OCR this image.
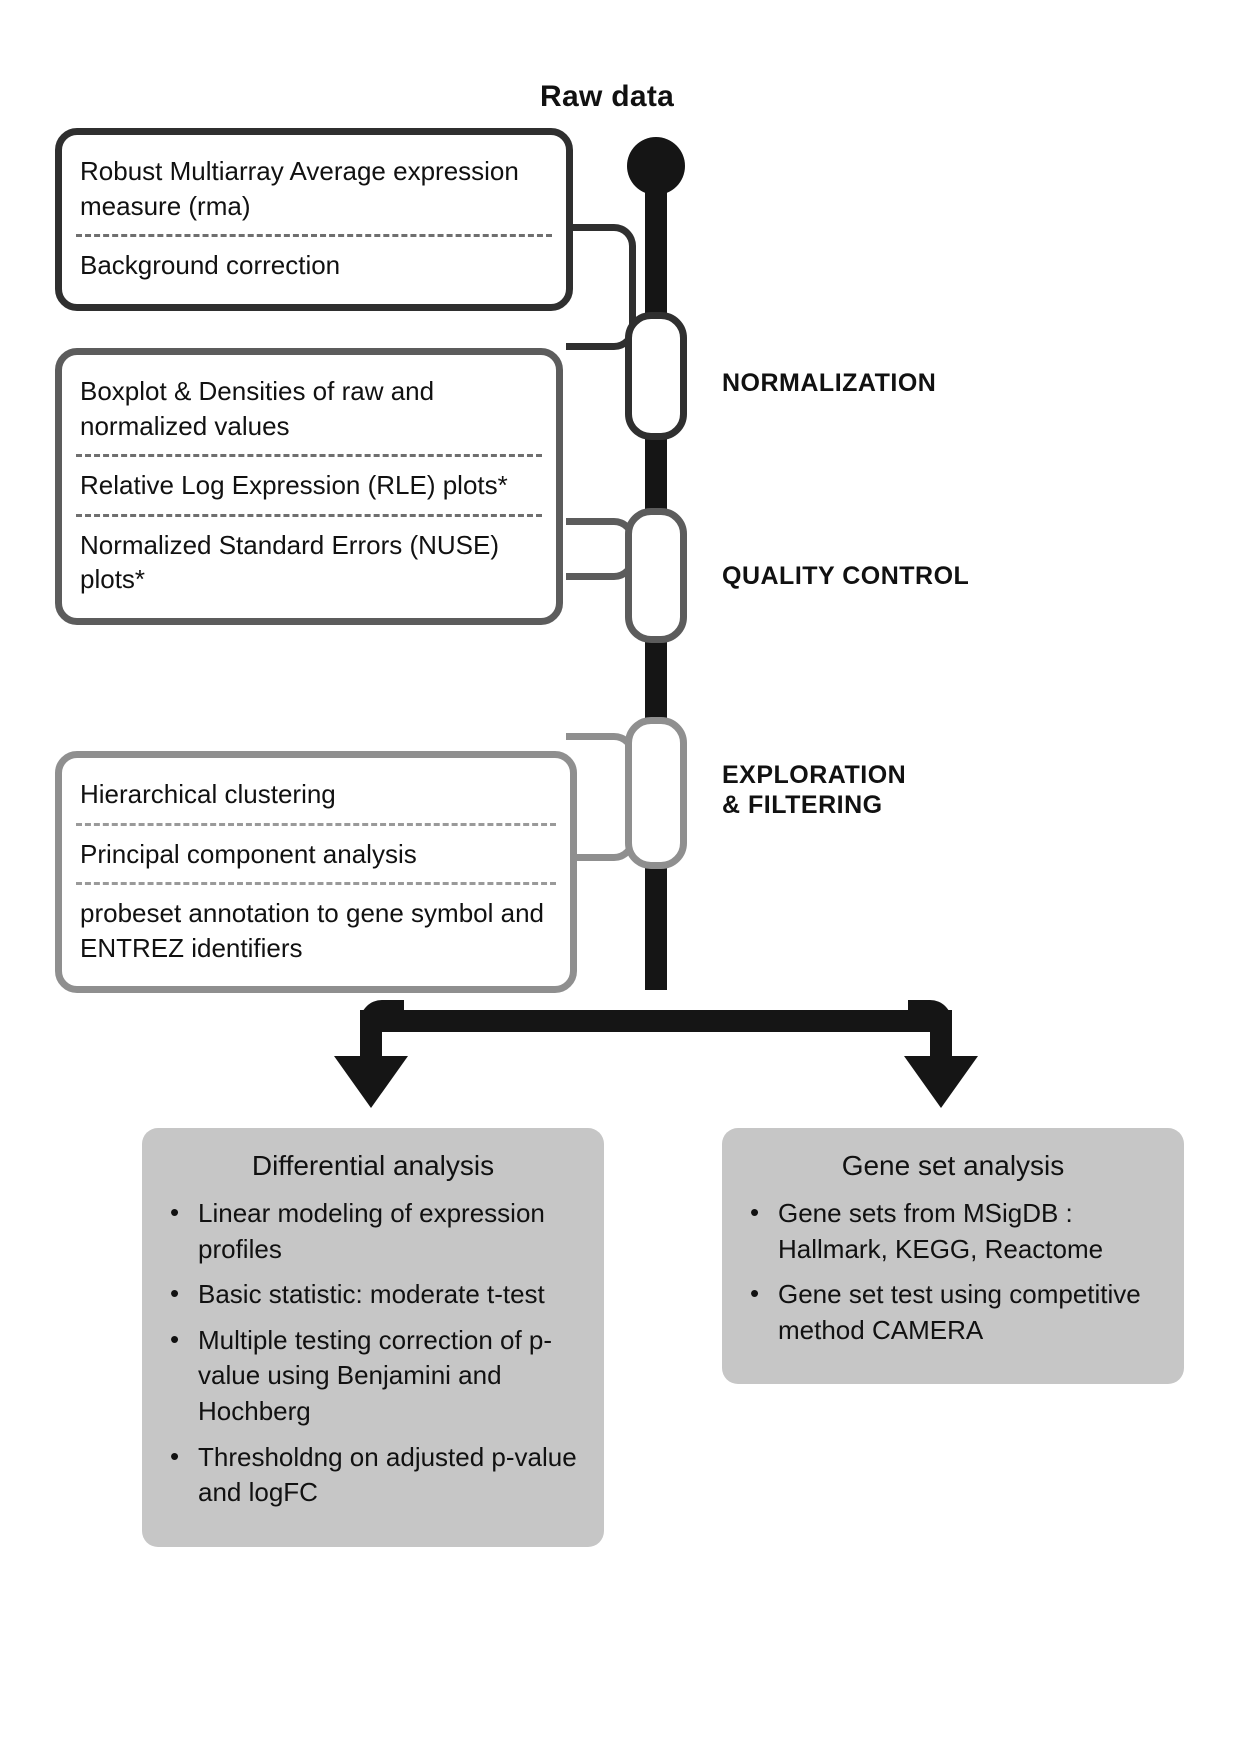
Raw data
NORMALIZATION
QUALITY CONTROL
EXPLORATION
& FILTERING
Robust Multiarray Average expression measure (rma)
Background correction
Boxplot & Densities of raw and normalized values
Relative Log Expression (RLE) plots*
Normalized Standard Errors (NUSE) plots*
Hierarchical clustering
Principal component analysis
probeset annotation to gene symbol and ENTREZ identifiers
Differential analysis
• Linear modeling of expression profiles
• Basic statistic: moderate t-test
• Multiple testing correction of p-value using Benjamini and Hochberg
• Thresholdng on adjusted p-value and logFC
Gene set analysis
• Gene sets from MSigDB : Hallmark, KEGG, Reactome
• Gene set test using competitive method CAMERA
